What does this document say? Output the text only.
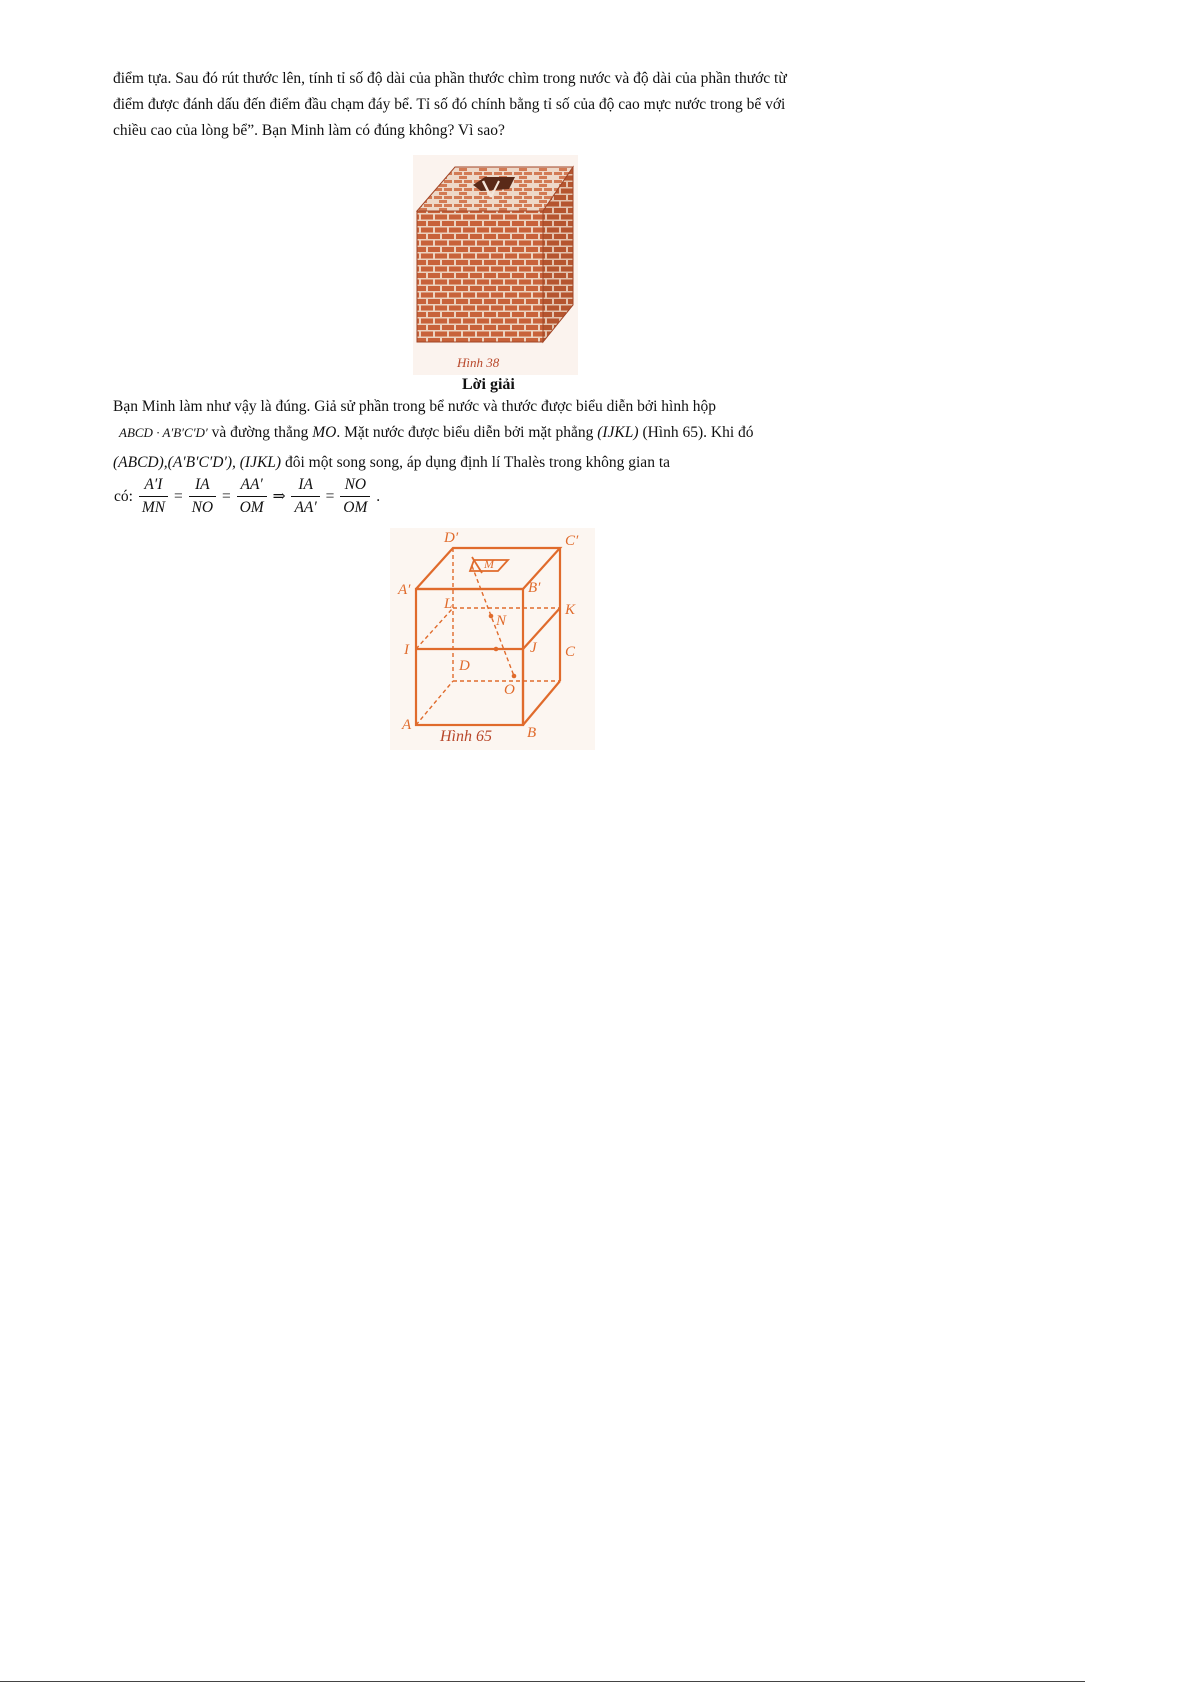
điểm tựa. Sau đó rút thước lên, tính tỉ số độ dài của phần thước chìm trong nước và độ dài của phần thước từ
điểm được đánh dấu đến điểm đầu chạm đáy bể. Tỉ số đó chính bằng tỉ số của độ cao mực nước trong bể với
chiều cao của lòng bể”. Bạn Minh làm có đúng không? Vì sao?
Hình 38
Lời giải
Bạn Minh làm như vậy là đúng. Giả sử phần trong bể nước và thước được biểu diễn bởi hình hộp
ABCD · A′B′C′D′ và đường thẳng MO. Mặt nước được biểu diễn bởi mặt phẳng (IJKL) (Hình 65). Khi đó
(ABCD),(A′B′C′D′), (IJKL) đôi một song song, áp dụng định lí Thalès trong không gian ta
có: $\frac{A'I}{MN} = \frac{IA}{NO} = \frac{AA'}{OM}$ ⇒ $\frac{IA}{AA'} = \frac{NO}{OM}$ .
D′	C′
A′	B′
M
L
N
K
I	J C
D
O
A	B
Hình 65
